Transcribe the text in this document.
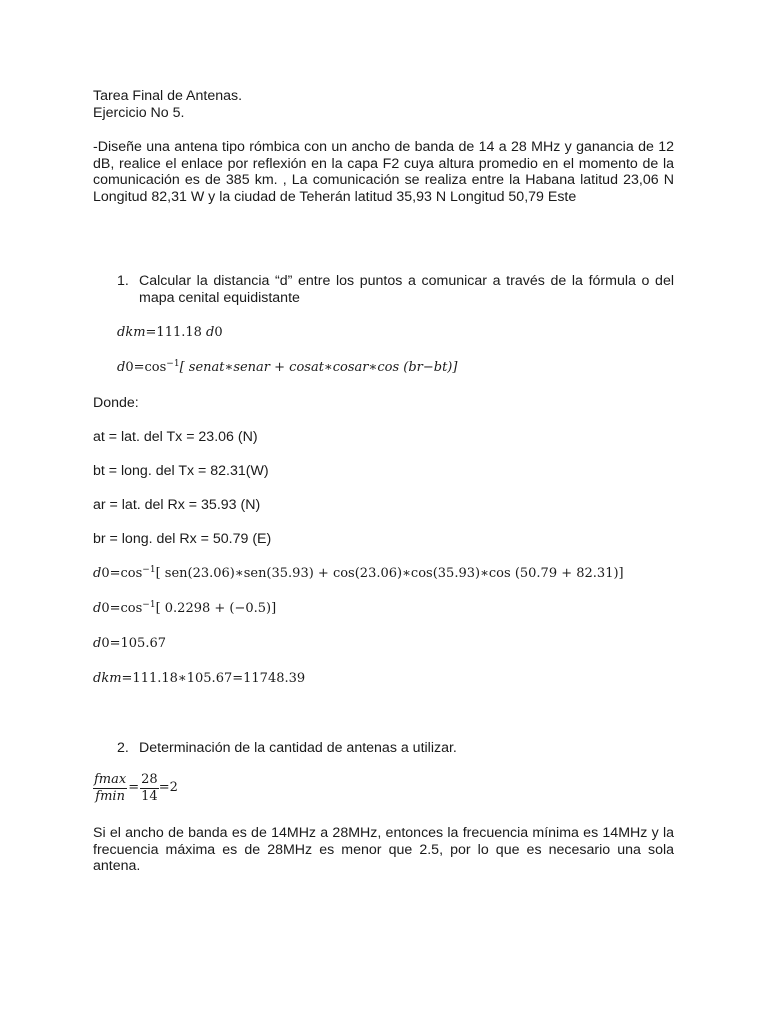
Tarea Final de Antenas.
Ejercicio No 5.
-Diseñe una antena tipo rómbica con un ancho de banda de 14 a 28 MHz y ganancia de 12 dB, realice el enlace por reflexión en la capa F2 cuya altura promedio en el momento de la comunicación es de 385 km. , La comunicación se realiza entre la Habana latitud 23,06 N Longitud 82,31 W y la ciudad de Teherán latitud 35,93 N Longitud 50,79 Este
1. Calcular la distancia “d” entre los puntos a comunicar a través de la fórmula o del mapa cenital equidistante
dkm=111.18 d0
$d0=\cos^{-1}$[ senat∗senar + cosat∗cosar∗cos (br−bt)]
Donde:
at = lat. del Tx = 23.06 (N)
bt = long. del Tx = 82.31(W)
ar = lat. del Rx = 35.93 (N)
br = long. del Rx = 50.79 (E)
$d0=\cos^{-1}$[ sen(23.06)∗sen(35.93) + cos(23.06)∗cos(35.93)∗cos (50.79 + 82.31)]
$d0=\cos^{-1}$[ 0.2298 + (−0.5)]
d0=105.67
dkm=111.18∗105.67=11748.39
2. Determinación de la cantidad de antenas a utilizar.
$\frac{fmax}{fmin} = \frac{28}{14} =2$
Si el ancho de banda es de 14MHz a 28MHz, entonces la frecuencia mínima es 14MHz y la frecuencia máxima es de 28MHz es menor que 2.5, por lo que es necesario una sola antena.
